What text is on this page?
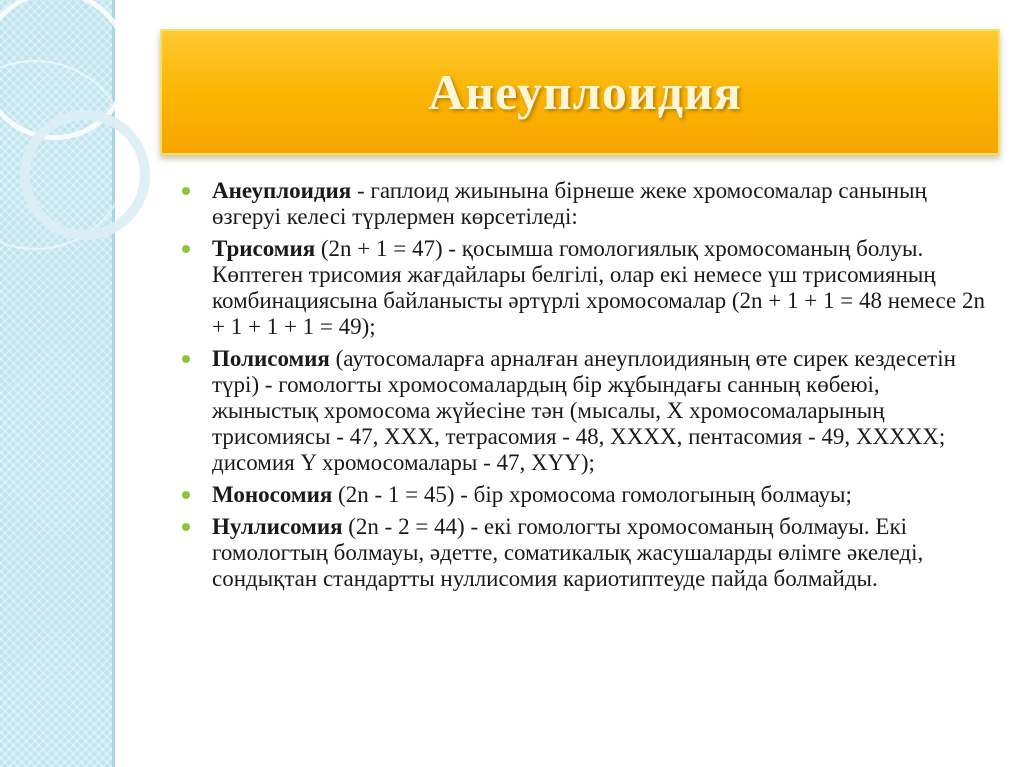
Анеуплоидия
Анеуплоидия - гаплоид жиынына бірнеше жеке хромосомалар санының өзгеруі келесі түрлермен көрсетіледі:
Трисомия (2n + 1 = 47) - қосымша гомологиялық хромосоманың болуы. Көптеген трисомия жағдайлары белгілі, олар екі немесе үш трисомияның комбинациясына байланысты әртүрлі хромосомалар (2n + 1 + 1 = 48 немесе 2n + 1 + 1 + 1 = 49);
Полисомия (аутосомаларға арналған анеуплоидияның өте сирек кездесетін түрі) - гомологты хромосомалардың бір жұбындағы санның көбеюі, жыныстық хромосома жүйесіне тән (мысалы, X хромосомаларының трисомиясы - 47, XXX, тетрасомия - 48, XXXX, пентасомия - 49, XXXXX; дисомия Y хромосомалары - 47, XYY);
Моносомия (2n - 1 = 45) - бір хромосома гомологының болмауы;
Нуллисомия (2n - 2 = 44) - екі гомологты хромосоманың болмауы. Екі гомологтың болмауы, әдетте, соматикалық жасушаларды өлімге әкеледі, сондықтан стандартты нуллисомия кариотиптеуде пайда болмайды.
